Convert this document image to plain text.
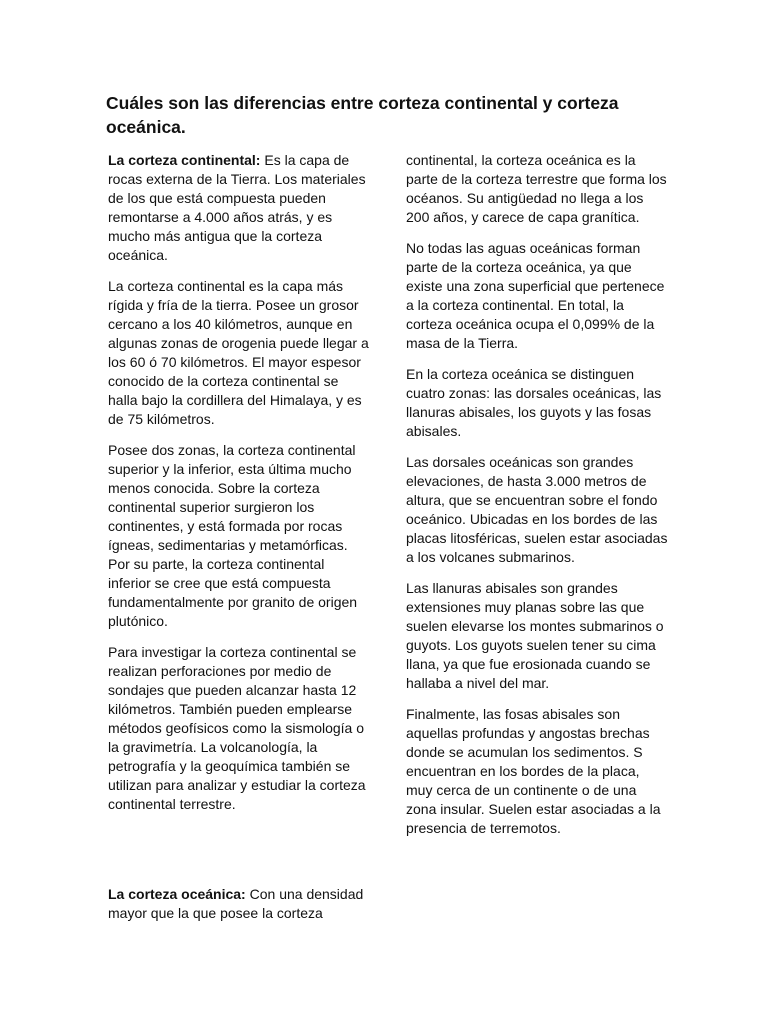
Cuáles son las diferencias entre corteza continental y corteza oceánica.

La corteza continental: Es la capa de rocas externa de la Tierra. Los materiales de los que está compuesta pueden remontarse a 4.000 años atrás, y es mucho más antigua que la corteza oceánica.

La corteza continental es la capa más rígida y fría de la tierra. Posee un grosor cercano a los 40 kilómetros, aunque en algunas zonas de orogenia puede llegar a los 60 ó 70 kilómetros. El mayor espesor conocido de la corteza continental se halla bajo la cordillera del Himalaya, y es de 75 kilómetros.

Posee dos zonas, la corteza continental superior y la inferior, esta última mucho menos conocida. Sobre la corteza continental superior surgieron los continentes, y está formada por rocas ígneas, sedimentarias y metamórficas. Por su parte, la corteza continental inferior se cree que está compuesta fundamentalmente por granito de origen plutónico.

Para investigar la corteza continental se realizan perforaciones por medio de sondajes que pueden alcanzar hasta 12 kilómetros. También pueden emplearse métodos geofísicos como la sismología o la gravimetría. La volcanología, la petrografía y la geoquímica también se utilizan para analizar y estudiar la corteza continental terrestre.

La corteza oceánica: Con una densidad mayor que la que posee la corteza

continental, la corteza oceánica es la parte de la corteza terrestre que forma los océanos. Su antigüedad no llega a los 200 años, y carece de capa granítica.

No todas las aguas oceánicas forman parte de la corteza oceánica, ya que existe una zona superficial que pertenece a la corteza continental. En total, la corteza oceánica ocupa el 0,099% de la masa de la Tierra.

En la corteza oceánica se distinguen cuatro zonas: las dorsales oceánicas, las llanuras abisales, los guyots y las fosas abisales.

Las dorsales oceánicas son grandes elevaciones, de hasta 3.000 metros de altura, que se encuentran sobre el fondo oceánico. Ubicadas en los bordes de las placas litosféricas, suelen estar asociadas a los volcanes submarinos.

Las llanuras abisales son grandes extensiones muy planas sobre las que suelen elevarse los montes submarinos o guyots. Los guyots suelen tener su cima llana, ya que fue erosionada cuando se hallaba a nivel del mar.

Finalmente, las fosas abisales son aquellas profundas y angostas brechas donde se acumulan los sedimentos. S encuentran en los bordes de la placa, muy cerca de un continente o de una zona insular. Suelen estar asociadas a la presencia de terremotos.
